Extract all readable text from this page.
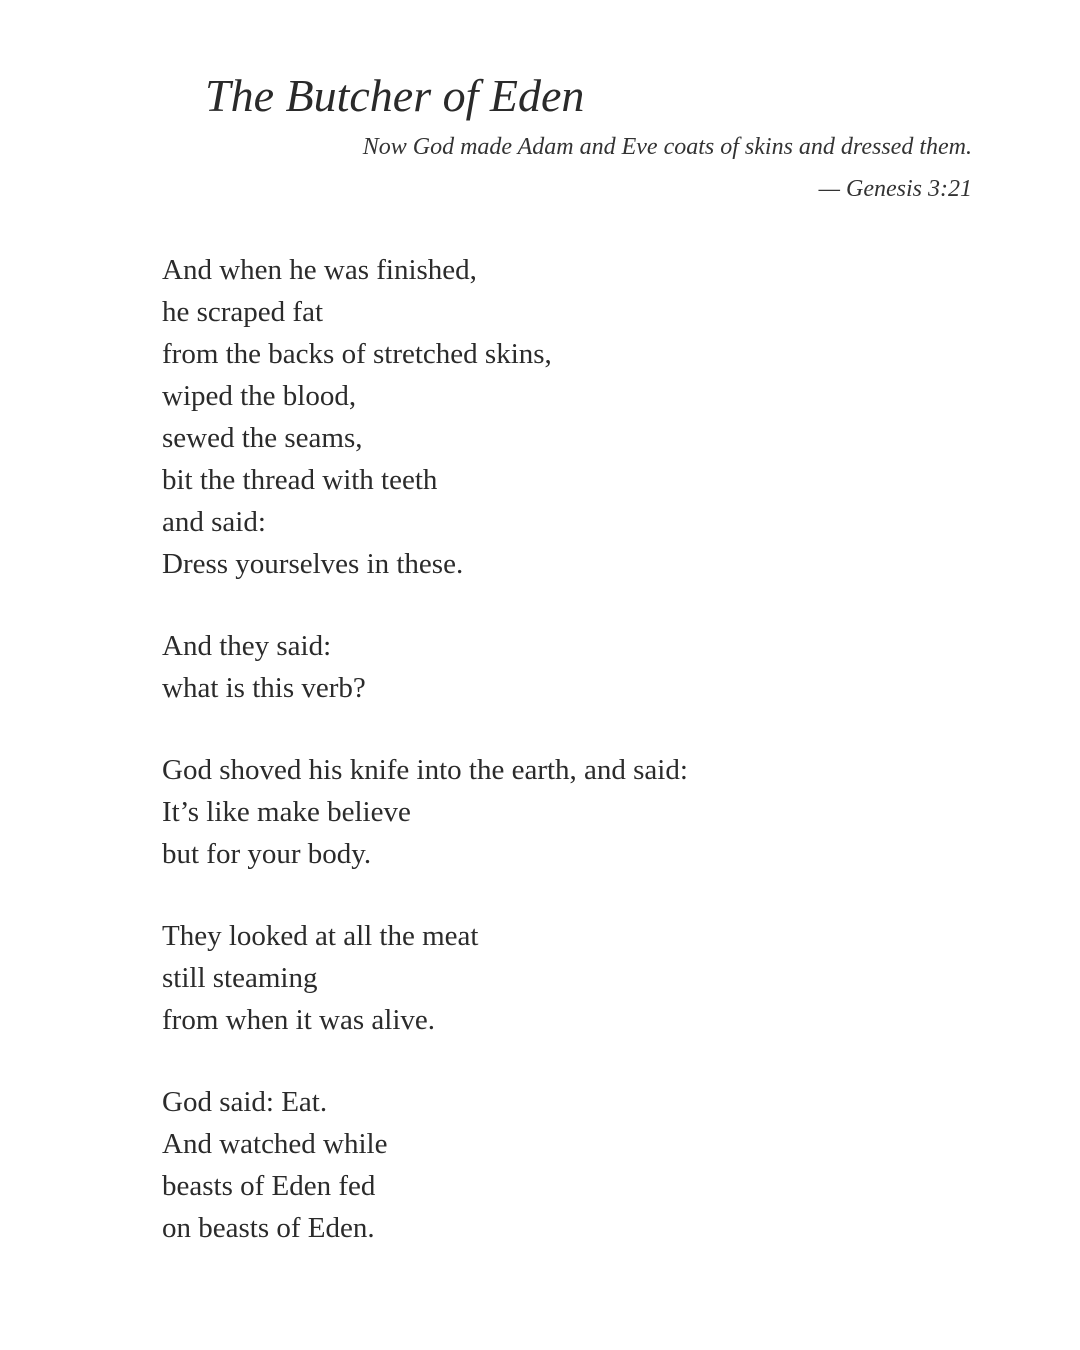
The Butcher of Eden
Now God made Adam and Eve coats of skins and dressed them.
— Genesis 3:21
And when he was finished,
he scraped fat
from the backs of stretched skins,
wiped the blood,
sewed the seams,
bit the thread with teeth
and said:
Dress yourselves in these.
And they said:
what is this verb?
God shoved his knife into the earth, and said:
It’s like make believe
but for your body.
They looked at all the meat
still steaming
from when it was alive.
God said: Eat.
And watched while
beasts of Eden fed
on beasts of Eden.
